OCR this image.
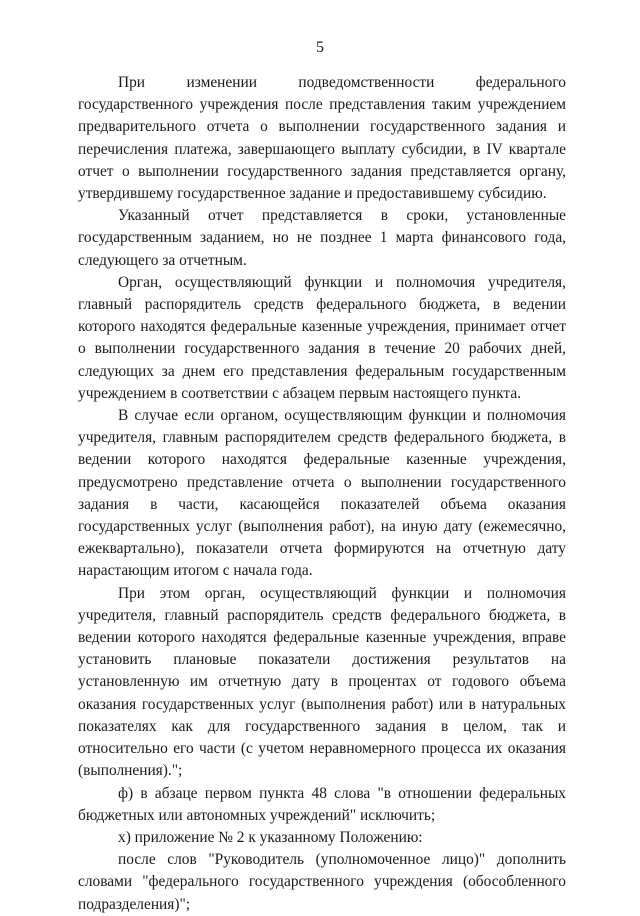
5

При изменении подведомственности федерального государственного учреждения после представления таким учреждением предварительного отчета о выполнении государственного задания и перечисления платежа, завершающего выплату субсидии, в IV квартале отчет о выполнении государственного задания представляется органу, утвердившему государственное задание и предоставившему субсидию.

Указанный отчет представляется в сроки, установленные государственным заданием, но не позднее 1 марта финансового года, следующего за отчетным.

Орган, осуществляющий функции и полномочия учредителя, главный распорядитель средств федерального бюджета, в ведении которого находятся федеральные казенные учреждения, принимает отчет о выполнении государственного задания в течение 20 рабочих дней, следующих за днем его представления федеральным государственным учреждением в соответствии с абзацем первым настоящего пункта.

В случае если органом, осуществляющим функции и полномочия учредителя, главным распорядителем средств федерального бюджета, в ведении которого находятся федеральные казенные учреждения, предусмотрено представление отчета о выполнении государственного задания в части, касающейся показателей объема оказания государственных услуг (выполнения работ), на иную дату (ежемесячно, ежеквартально), показатели отчета формируются на отчетную дату нарастающим итогом с начала года.

При этом орган, осуществляющий функции и полномочия учредителя, главный распорядитель средств федерального бюджета, в ведении которого находятся федеральные казенные учреждения, вправе установить плановые показатели достижения результатов на установленную им отчетную дату в процентах от годового объема оказания государственных услуг (выполнения работ) или в натуральных показателях как для государственного задания в целом, так и относительно его части (с учетом неравномерного процесса их оказания (выполнения).";

ф) в абзаце первом пункта 48 слова "в отношении федеральных бюджетных или автономных учреждений" исключить;

х) приложение № 2 к указанному Положению:

после слов "Руководитель (уполномоченное лицо)" дополнить словами "федерального государственного учреждения (обособленного подразделения)";
